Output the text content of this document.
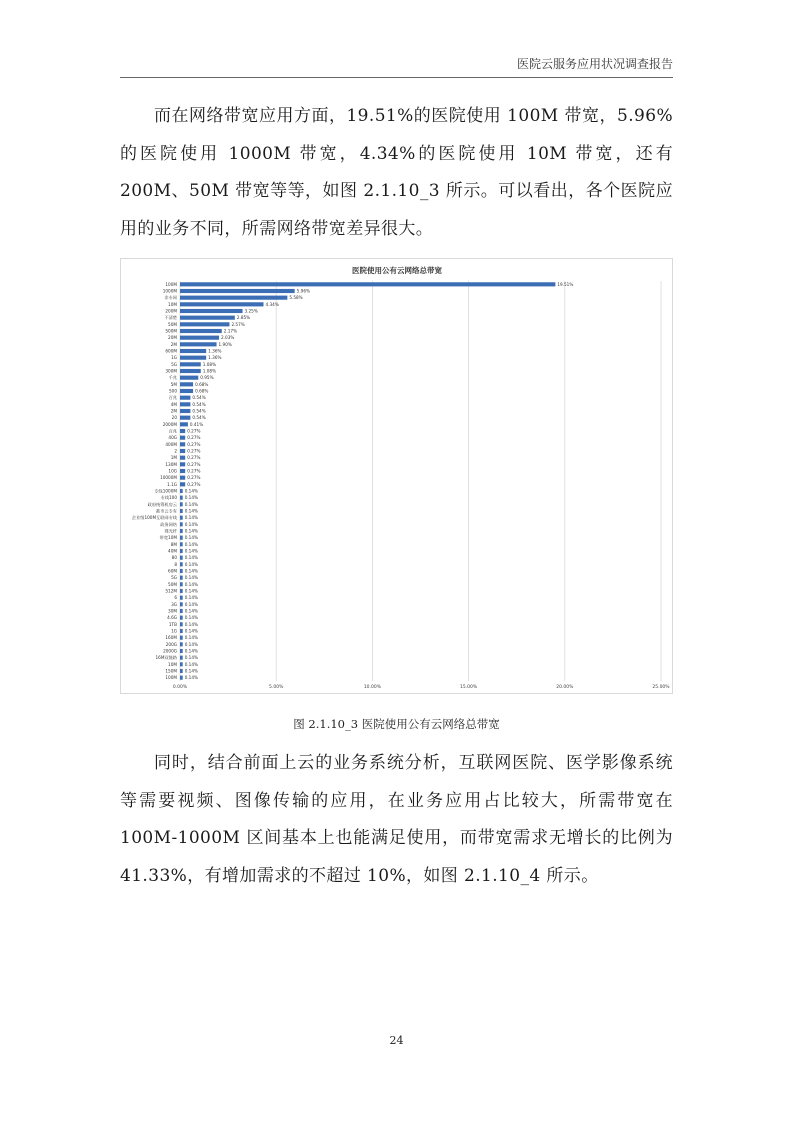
医院云服务应用状况调查报告

而在网络带宽应用方面，19.51%的医院使用 100M 带宽，5.96%的医院使用 1000M 带宽，4.34%的医院使用 10M 带宽，还有 200M、50M 带宽等等，如图 2.1.10_3 所示。可以看出，各个医院应用的业务不同，所需网络带宽差异很大。

医院使用公有云网络总带宽
100M
1000M
非专网
10M
200M
不清楚
50M
500M
20M
2M
600M
1G
5G
300M
千兆
5M
500
百兆
4M
2M
20
2000M
百兆
40G
400M
2
1M
130M
10G
10000M
1.1G
专线1000M
专线100
政府统筹机房云
都市云专有
企业级100M互联网专线
政务网络
裸光纤
带宽10M
8M
40M
80
8
60M
5G
50M
512M
6
3G
30M
4.6G
1TB
1G
160M
200G
2000G
16M双链路
10M
150M
100M
19.51%
5.96%
5.58%
4.34%
3.25%
2.85%
2.57%
2.17%
2.03%
1.90%
1.36%
1.36%
1.08%
1.08%
0.95%
0.68%
0.68%
0.54%
0.54%
0.54%
0.54%
0.41%
0.27%
0.27%
0.27%
0.27%
0.27%
0.27%
0.27%
0.27%
0.27%
0.14%
0.14%
0.14%
0.14%
0.14%
0.14%
0.14%
0.14%
0.14%
0.14%
0.14%
0.14%
0.14%
0.14%
0.14%
0.14%
0.14%
0.14%
0.14%
0.14%
0.14%
0.14%
0.14%
0.14%
0.14%
0.14%
0.14%
0.14%
0.14%
0.00%	5.00%	10.00%	15.00%	20.00%	25.00%
图 2.1.10_3 医院使用公有云网络总带宽

同时，结合前面上云的业务系统分析，互联网医院、医学影像系统等需要视频、图像传输的应用，在业务应用占比较大，所需带宽在 100M-1000M 区间基本上也能满足使用，而带宽需求无增长的比例为 41.33%，有增加需求的不超过 10%，如图 2.1.10_4 所示。

24
